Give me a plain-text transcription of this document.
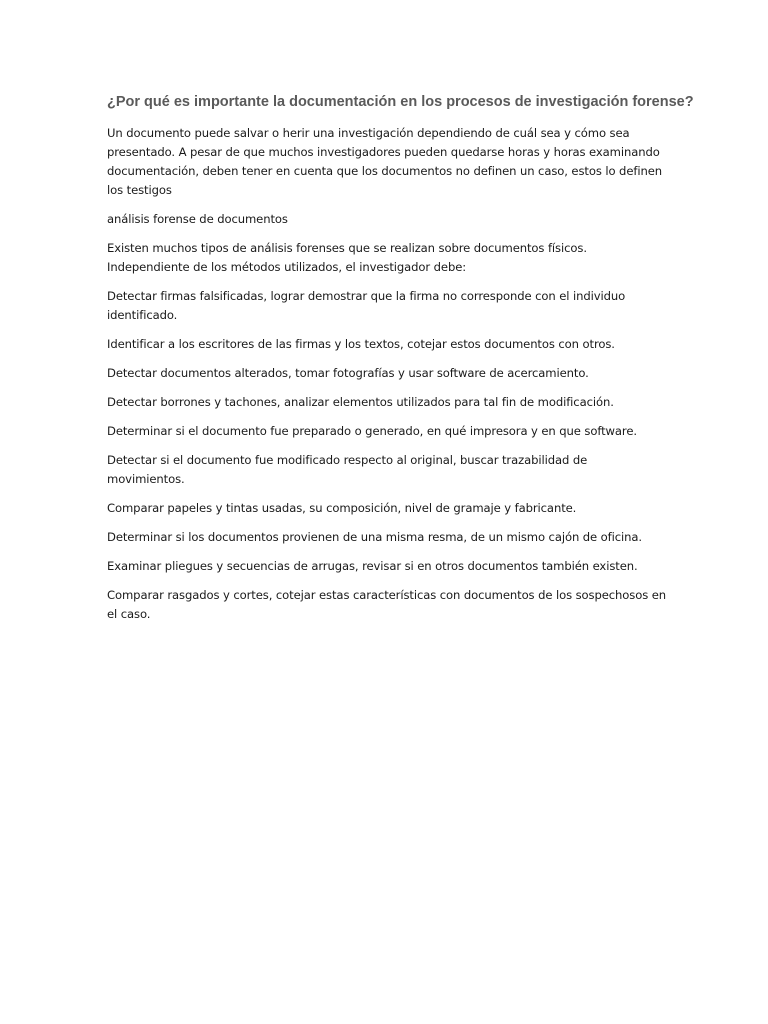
¿Por qué es importante la documentación en los procesos de investigación forense?

Un documento puede salvar o herir una investigación dependiendo de cuál sea y cómo sea presentado. A pesar de que muchos investigadores pueden quedarse horas y horas examinando documentación, deben tener en cuenta que los documentos no definen un caso, estos lo definen los testigos

análisis forense de documentos

Existen muchos tipos de análisis forenses que se realizan sobre documentos físicos. Independiente de los métodos utilizados, el investigador debe:

Detectar firmas falsificadas, lograr demostrar que la firma no corresponde con el individuo identificado.

Identificar a los escritores de las firmas y los textos, cotejar estos documentos con otros.

Detectar documentos alterados, tomar fotografías y usar software de acercamiento.

Detectar borrones y tachones, analizar elementos utilizados para tal fin de modificación.

Determinar si el documento fue preparado o generado, en qué impresora y en que software.

Detectar si el documento fue modificado respecto al original, buscar trazabilidad de movimientos.

Comparar papeles y tintas usadas, su composición, nivel de gramaje y fabricante.

Determinar si los documentos provienen de una misma resma, de un mismo cajón de oficina.

Examinar pliegues y secuencias de arrugas, revisar si en otros documentos también existen.

Comparar rasgados y cortes, cotejar estas características con documentos de los sospechosos en el caso.
